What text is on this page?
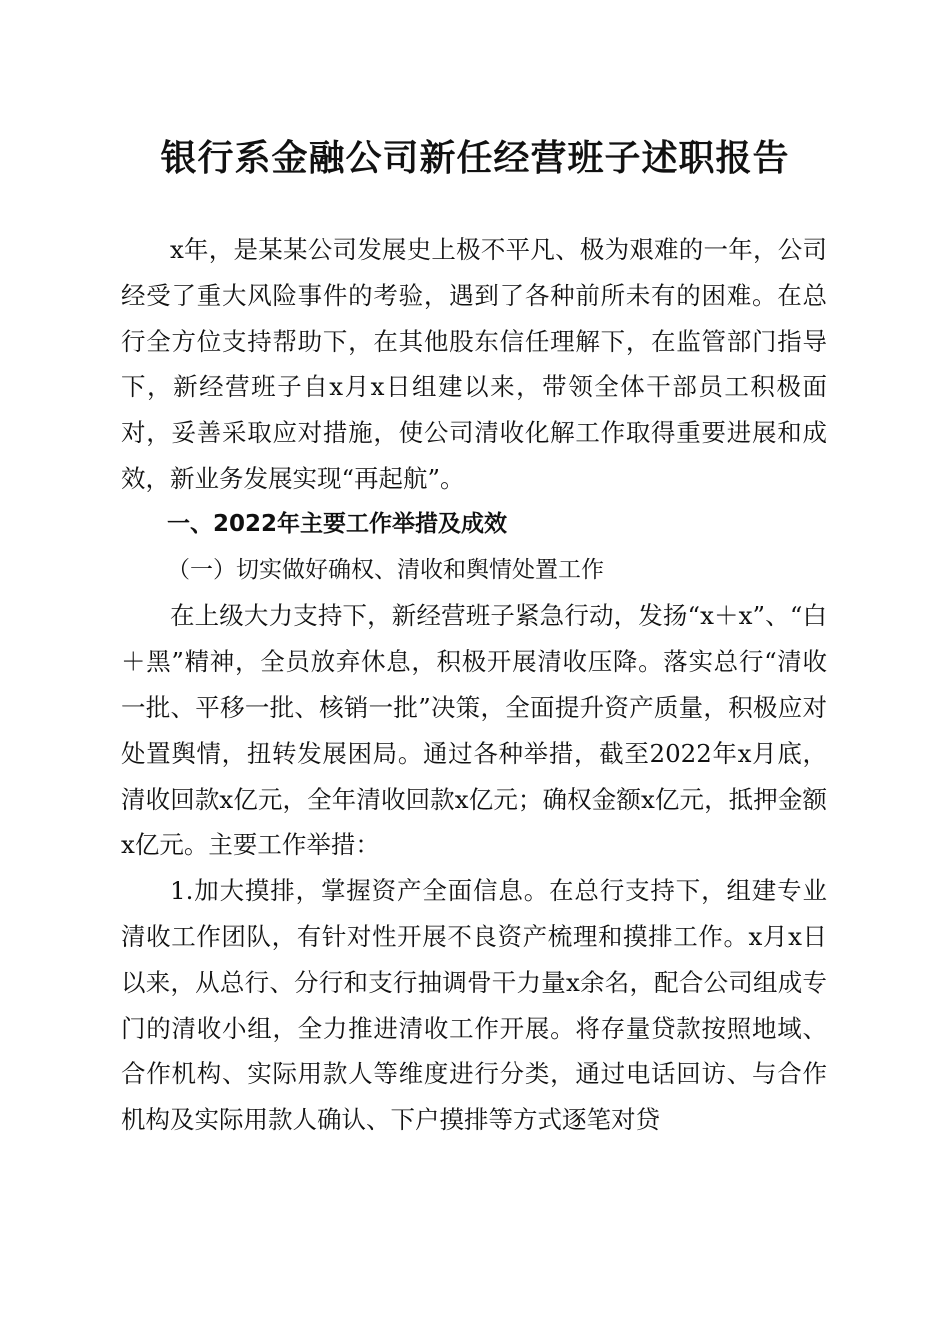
银行系金融公司新任经营班子述职报告

x年，是某某公司发展史上极不平凡、极为艰难的一年，公司经受了重大风险事件的考验，遇到了各种前所未有的困难。在总行全方位支持帮助下，在其他股东信任理解下，在监管部门指导下，新经营班子自x月x日组建以来，带领全体干部员工积极面对，妥善采取应对措施，使公司清收化解工作取得重要进展和成效，新业务发展实现“再起航”。

一、2022年主要工作举措及成效

（一）切实做好确权、清收和舆情处置工作

在上级大力支持下，新经营班子紧急行动，发扬“x＋x”、“白＋黑”精神，全员放弃休息，积极开展清收压降。落实总行“清收一批、平移一批、核销一批”决策，全面提升资产质量，积极应对处置舆情，扭转发展困局。通过各种举措，截至2022年x月底，清收回款x亿元，全年清收回款x亿元；确权金额x亿元，抵押金额x亿元。主要工作举措：

1.加大摸排，掌握资产全面信息。在总行支持下，组建专业清收工作团队，有针对性开展不良资产梳理和摸排工作。x月x日以来，从总行、分行和支行抽调骨干力量x余名，配合公司组成专门的清收小组，全力推进清收工作开展。将存量贷款按照地域、合作机构、实际用款人等维度进行分类，通过电话回访、与合作机构及实际用款人确认、下户摸排等方式逐笔对贷
